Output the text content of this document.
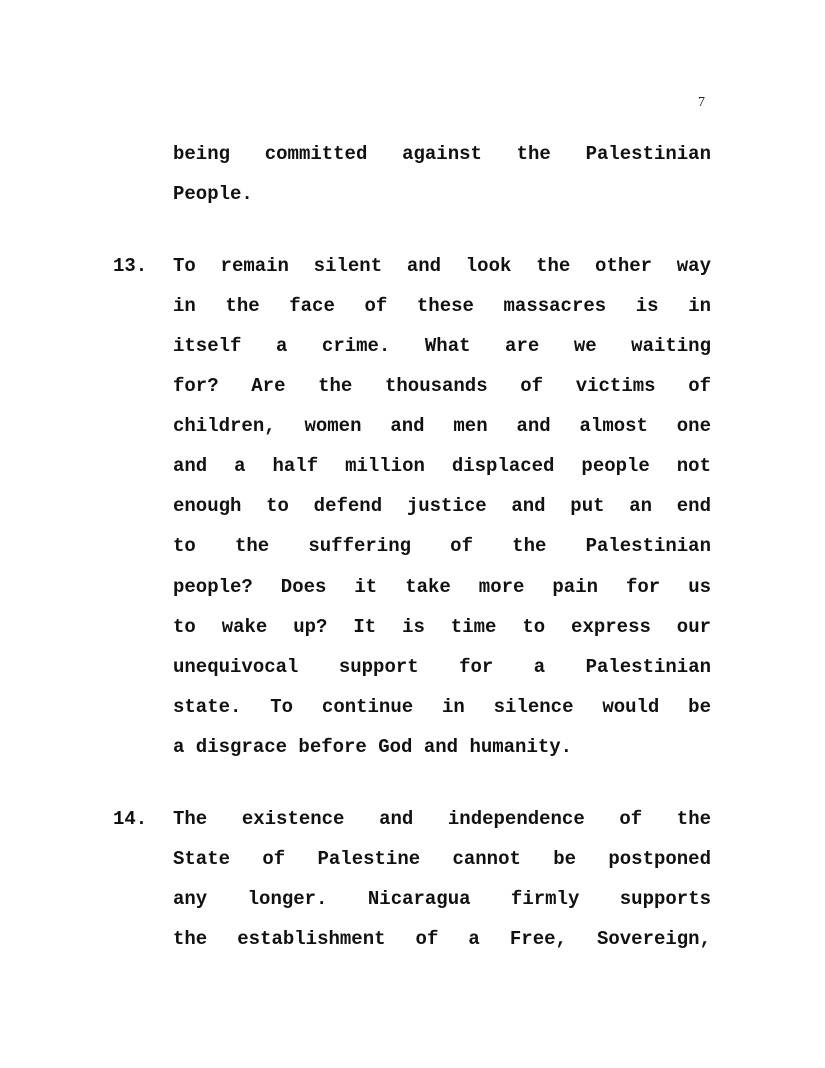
7
being committed against the Palestinian
People.
13. To remain silent and look the other way
in the face of these massacres is in
itself a crime. What are we waiting
for? Are the thousands of victims of
children, women and men and almost one
and a half million displaced people not
enough to defend justice and put an end
to the suffering of the Palestinian
people? Does it take more pain for us
to wake up? It is time to express our
unequivocal support for a Palestinian
state. To continue in silence would be
a disgrace before God and humanity.
14. The existence and independence of the
State of Palestine cannot be postponed
any longer. Nicaragua firmly supports
the establishment of a Free, Sovereign,
